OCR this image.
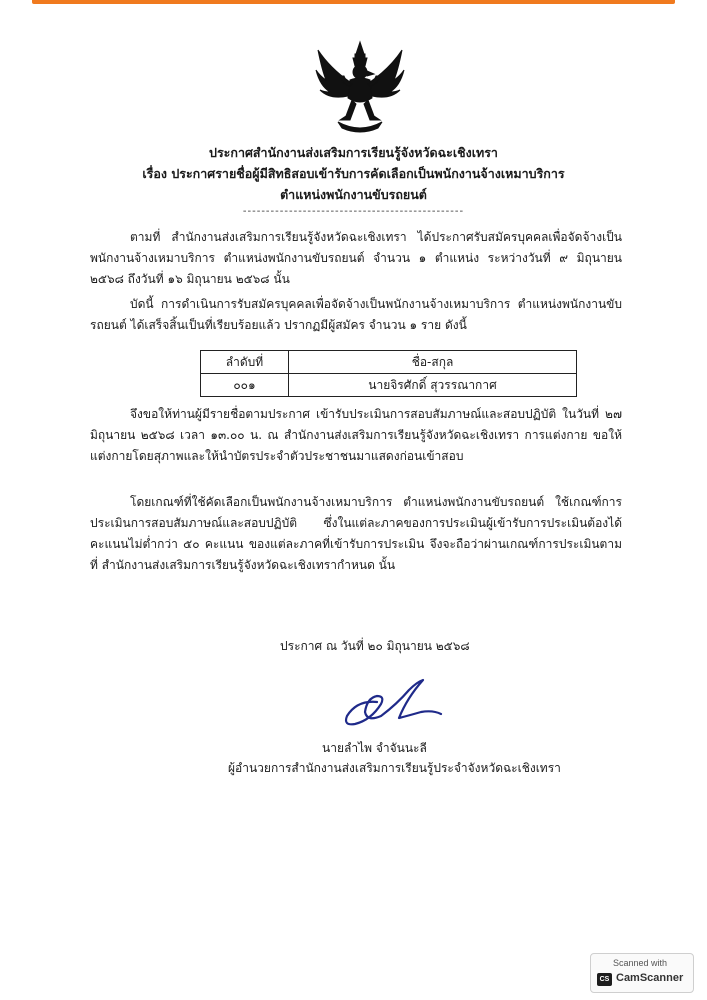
ประกาศสำนักงานส่งเสริมการเรียนรู้จังหวัดฉะเชิงเทรา
เรื่อง ประกาศรายชื่อผู้มีสิทธิสอบเข้ารับการคัดเลือกเป็นพนักงานจ้างเหมาบริการ
ตำแหน่งพนักงานขับรถยนต์
------------------------------------------------
ตามที่ สำนักงานส่งเสริมการเรียนรู้จังหวัดฉะเชิงเทรา ได้ประกาศรับสมัครบุคคลเพื่อจัดจ้างเป็นพนักงานจ้างเหมาบริการ ตำแหน่งพนักงานขับรถยนต์ จำนวน ๑ ตำแหน่ง ระหว่างวันที่ ๙ มิถุนายน ๒๕๖๘ ถึงวันที่ ๑๖ มิถุนายน ๒๕๖๘ นั้น
บัดนี้ การดำเนินการรับสมัครบุคคลเพื่อจัดจ้างเป็นพนักงานจ้างเหมาบริการ ตำแหน่งพนักงานขับรถยนต์ ได้เสร็จสิ้นเป็นที่เรียบร้อยแล้ว ปรากฏมีผู้สมัคร จำนวน ๑ ราย ดังนี้
ลำดับที่	ชื่อ-สกุล
๐๐๑	นายจิรศักดิ์ สุวรรณากาศ
จึงขอให้ท่านผู้มีรายชื่อตามประกาศ เข้ารับประเมินการสอบสัมภาษณ์และสอบปฏิบัติ ในวันที่ ๒๗ มิถุนายน ๒๕๖๘ เวลา ๑๓.๐๐ น. ณ สำนักงานส่งเสริมการเรียนรู้จังหวัดฉะเชิงเทรา การแต่งกาย ขอให้แต่งกายโดยสุภาพและให้นำบัตรประจำตัวประชาชนมาแสดงก่อนเข้าสอบ
โดยเกณฑ์ที่ใช้คัดเลือกเป็นพนักงานจ้างเหมาบริการ ตำแหน่งพนักงานขับรถยนต์ ใช้เกณฑ์การประเมินการสอบสัมภาษณ์และสอบปฏิบัติ ซึ่งในแต่ละภาคของการประเมินผู้เข้ารับการประเมินต้องได้คะแนนไม่ต่ำกว่า ๕๐ คะแนน ของแต่ละภาคที่เข้ารับการประเมิน จึงจะถือว่าผ่านเกณฑ์การประเมินตามที่ สำนักงานส่งเสริมการเรียนรู้จังหวัดฉะเชิงเทรากำหนด นั้น
ประกาศ ณ วันที่ ๒๐ มิถุนายน ๒๕๖๘
นายลำไพ จำจันนะลี
ผู้อำนวยการสำนักงานส่งเสริมการเรียนรู้ประจำจังหวัดฉะเชิงเทรา
Scanned with
CS CamScanner
